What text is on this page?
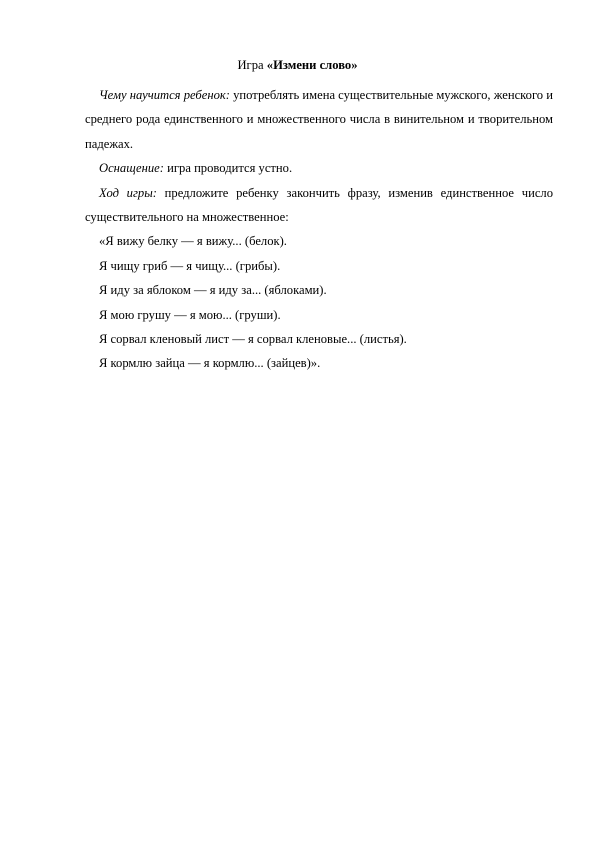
Игра «Измени слово»

Чему научится ребенок: употреблять имена существительные мужского, женского и среднего рода единственного и множественного числа в винительном и творительном падежах.

Оснащение: игра проводится устно.

Ход игры: предложите ребенку закончить фразу, изменив единственное число существительного на множественное:

«Я вижу белку — я вижу... (белок).

Я чищу гриб — я чищу... (грибы).

Я иду за яблоком — я иду за... (яблоками).

Я мою грушу — я мою... (груши).

Я сорвал кленовый лист — я сорвал кленовые... (листья).

Я кормлю зайца — я кормлю... (зайцев)».
